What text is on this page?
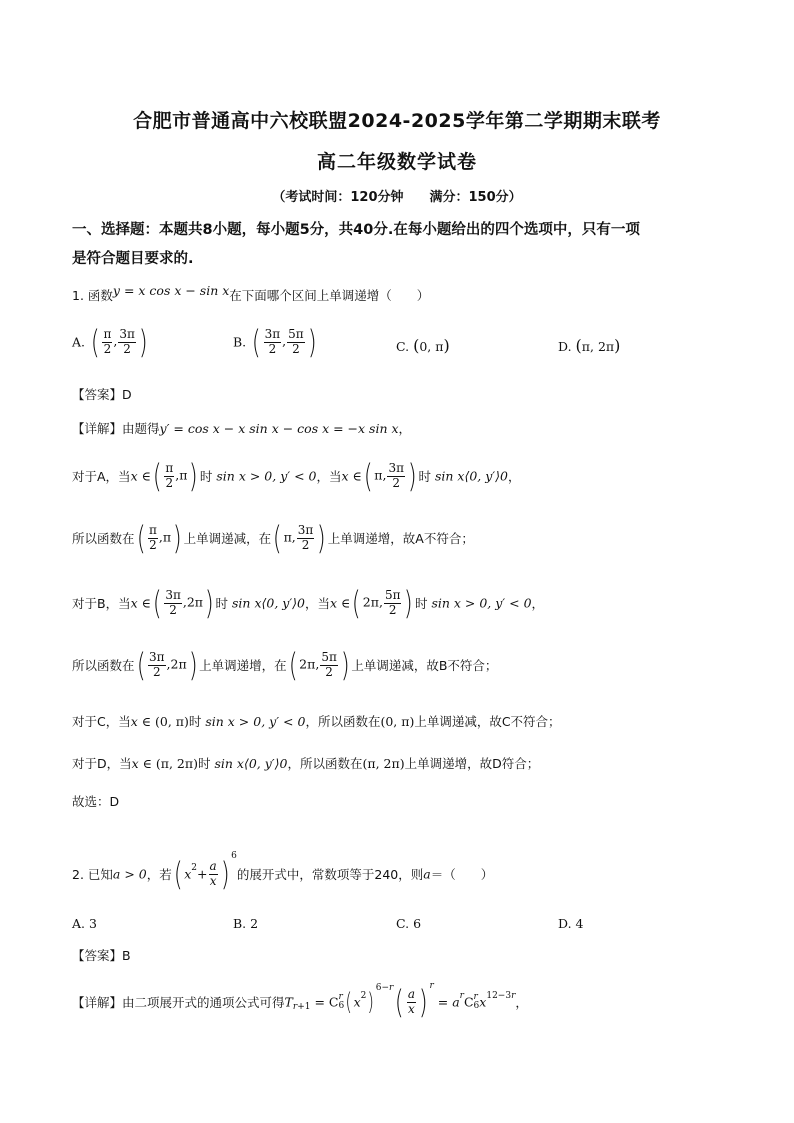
合肥市普通高中六校联盟2024-2025学年第二学期期末联考
高二年级数学试卷
（考试时间：120分钟　　满分：150分）
一、选择题：本题共8小题，每小题5分，共40分.在每小题给出的四个选项中，只有一项
是符合题目要求的.
1. 函数y = x cos x − sin x在下面哪个区间上单调递增（　　）
A. ( $\frac{\pi}{2}$ , $\frac{3\pi}{2}$ )	B. ( $\frac{3\pi}{2}$ , $\frac{5\pi}{2}$ )	C. (0, π)	D. (π, 2π)
【答案】D
【详解】由题得y′ = cos x − x sin x − cos x = −x sin x，
对于A，当x ∈( $\frac{\pi}{2} ,\pi$) 时 sin x > 0, y′ < 0，当x ∈( π, $\frac{3\pi}{2}$ ) 时 sin x⟨0, y′⟩0，
所以函数在( $\frac{\pi}{2} ,\pi$) 上单调递减，在( π, $\frac{3\pi}{2}$ ) 上单调递增，故A不符合；
对于B，当x ∈( $\frac{3\pi}{2} ,2\pi$) 时 sin x⟨0, y′⟩0，当x ∈( 2π, $\frac{5\pi}{2}$ ) 时 sin x > 0, y′ < 0，
所以函数在( $\frac{3\pi}{2} ,2\pi$) 上单调递增，在( 2π, $\frac{5\pi}{2}$ ) 上单调递减，故B不符合；
对于C，当x ∈ (0, π)时 sin x > 0, y′ < 0，所以函数在(0, π)上单调递减，故C不符合；
对于D，当x ∈ (π, 2π)时 sin x⟨0, y′⟩0，所以函数在(π, 2π)上单调递增，故D符合；
故选：D
2. 已知a > 0，若( $x^2+ \frac{a}{x}$ ) $^6$的展开式中，常数项等于240，则a＝（　　）
A. 3	B. 2	C. 6	D. 4
【答案】B
【详解】由二项展开式的通项公式可得$T_{r+1} = C$ r
6 $(x^2)^{6-r}( \frac{a}{x}$ ) $^r = a^rC$ r
6 $x^{12-3r}$，
